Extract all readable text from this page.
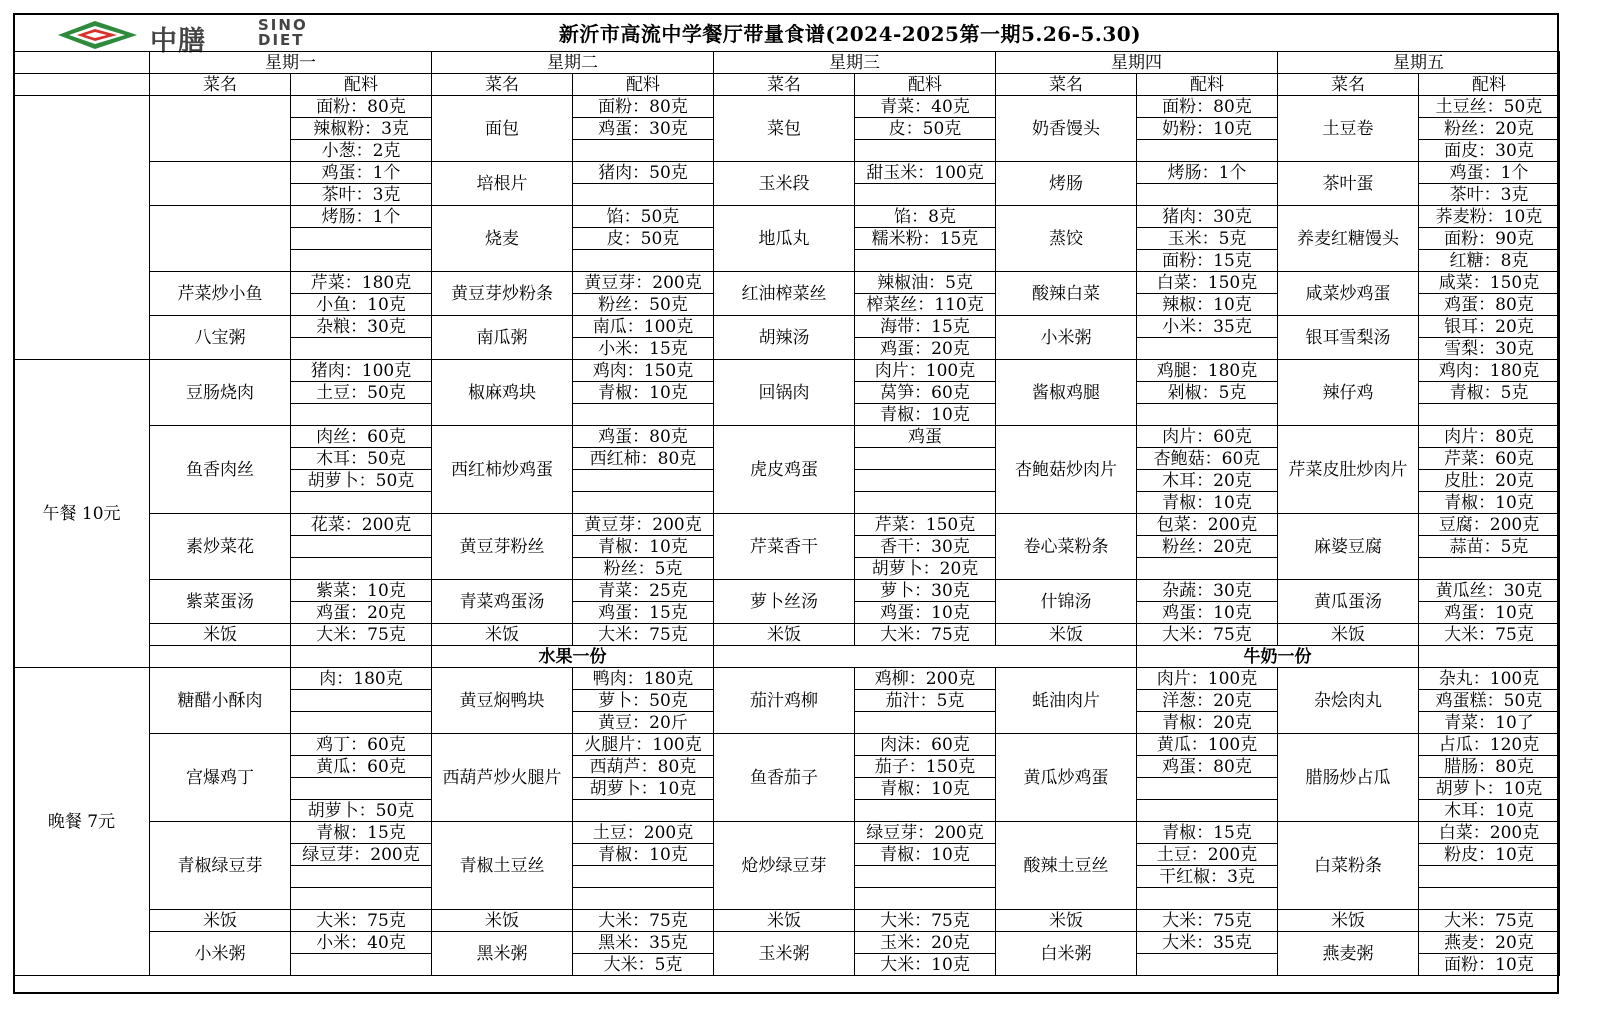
中膳
SINO
DIET	新沂市高流中学餐厅带量食谱(2024-2025第一期5.26-5.30)
	星期一		星期二		星期三		星期四		星期五	
	菜名	配料	菜名	配料	菜名	配料	菜名	配料	菜名	配料
		面粉：80克	面包	面粉：80克	菜包	青菜：40克	奶香馒头	面粉：80克	土豆卷	土豆丝：50克
		辣椒粉：3克		鸡蛋：30克		皮：50克		奶粉：10克		粉丝：20克
		小葱：2克								面皮：30克
		鸡蛋：1个	培根片	猪肉：50克	玉米段	甜玉米：100克	烤肠	烤肠：1个	茶叶蛋	鸡蛋：1个
		茶叶：3克								茶叶：3克
		烤肠：1个	烧麦	馅：50克	地瓜丸	馅：8克	蒸饺	猪肉：30克	养麦红糖馒头	荞麦粉：10克
				皮：50克		糯米粉：15克		玉米：5克		面粉：90克
								面粉：15克		红糖：8克
	芹菜炒小鱼	芹菜：180克	黄豆芽炒粉条	黄豆芽：200克	红油榨菜丝	辣椒油：5克	酸辣白菜	白菜：150克	咸菜炒鸡蛋	咸菜：150克
		小鱼：10克		粉丝：50克		榨菜丝：110克		辣椒：10克		鸡蛋：80克
	八宝粥	杂粮：30克	南瓜粥	南瓜：100克	胡辣汤	海带：15克	小米粥	小米：35克	银耳雪梨汤	银耳：20克
				小米：15克		鸡蛋：20克				雪梨：30克
午餐 10元	豆肠烧肉	猪肉：100克	椒麻鸡块	鸡肉：150克	回锅肉	肉片：100克	酱椒鸡腿	鸡腿：180克	辣仔鸡	鸡肉：180克
		土豆：50克		青椒：10克		莴笋：60克		剁椒：5克		青椒：5克
						青椒：10克				
	鱼香肉丝	肉丝：60克	西红柿炒鸡蛋	鸡蛋：80克	虎皮鸡蛋	鸡蛋	杏鲍菇炒肉片	肉片：60克	芹菜皮肚炒肉片	肉片：80克
		木耳：50克		西红柿：80克				杏鲍菇：60克		芹菜：60克
		胡萝卜：50克						木耳：20克		皮肚：20克
								青椒：10克		青椒：10克
	素炒菜花	花菜：200克	黄豆芽粉丝	黄豆芽：200克	芹菜香干	芹菜：150克	卷心菜粉条	包菜：200克	麻婆豆腐	豆腐：200克
				青椒：10克		香干：30克		粉丝：20克		蒜苗：5克
				粉丝：5克		胡萝卜：20克				
	紫菜蛋汤	紫菜：10克	青菜鸡蛋汤	青菜：25克	萝卜丝汤	萝卜：30克	什锦汤	杂蔬：30克	黄瓜蛋汤	黄瓜丝：30克
		鸡蛋：20克		鸡蛋：15克		鸡蛋：10克		鸡蛋：10克		鸡蛋：10克
	米饭	大米：75克	米饭	大米：75克	米饭	大米：75克	米饭	大米：75克	米饭	大米：75克
			水果一份					牛奶一份		
晚餐 7元	糖醋小酥肉	肉：180克	黄豆焖鸭块	鸭肉：180克	茄汁鸡柳	鸡柳：200克	蚝油肉片	肉片：100克	杂烩肉丸	杂丸：100克
				萝卜：50克		茄汁：5克		洋葱：20克		鸡蛋糕：50克
				黄豆：20斤				青椒：20克		青菜：10了
	宫爆鸡丁	鸡丁：60克	西葫芦炒火腿片	火腿片：100克	鱼香茄子	肉沫：60克	黄瓜炒鸡蛋	黄瓜：100克	腊肠炒占瓜	占瓜：120克
		黄瓜：60克		西葫芦：80克		茄子：150克		鸡蛋：80克		腊肠：80克
				胡萝卜：10克		青椒：10克				胡萝卜：10克
		胡萝卜：50克								木耳：10克
	青椒绿豆芽	青椒：15克	青椒土豆丝	土豆：200克	炝炒绿豆芽	绿豆芽：200克	酸辣土豆丝	青椒：15克	白菜粉条	白菜：200克
		绿豆芽：200克		青椒：10克		青椒：10克		土豆：200克		粉皮：10克
								干红椒：3克		

	米饭	大米：75克	米饭	大米：75克	米饭	大米：75克	米饭	大米：75克	米饭	大米：75克
	小米粥	小米：40克	黑米粥	黑米：35克	玉米粥	玉米：20克	白米粥	大米：35克	燕麦粥	燕麦：20克
				大米：5克		大米：10克				面粉：10克
